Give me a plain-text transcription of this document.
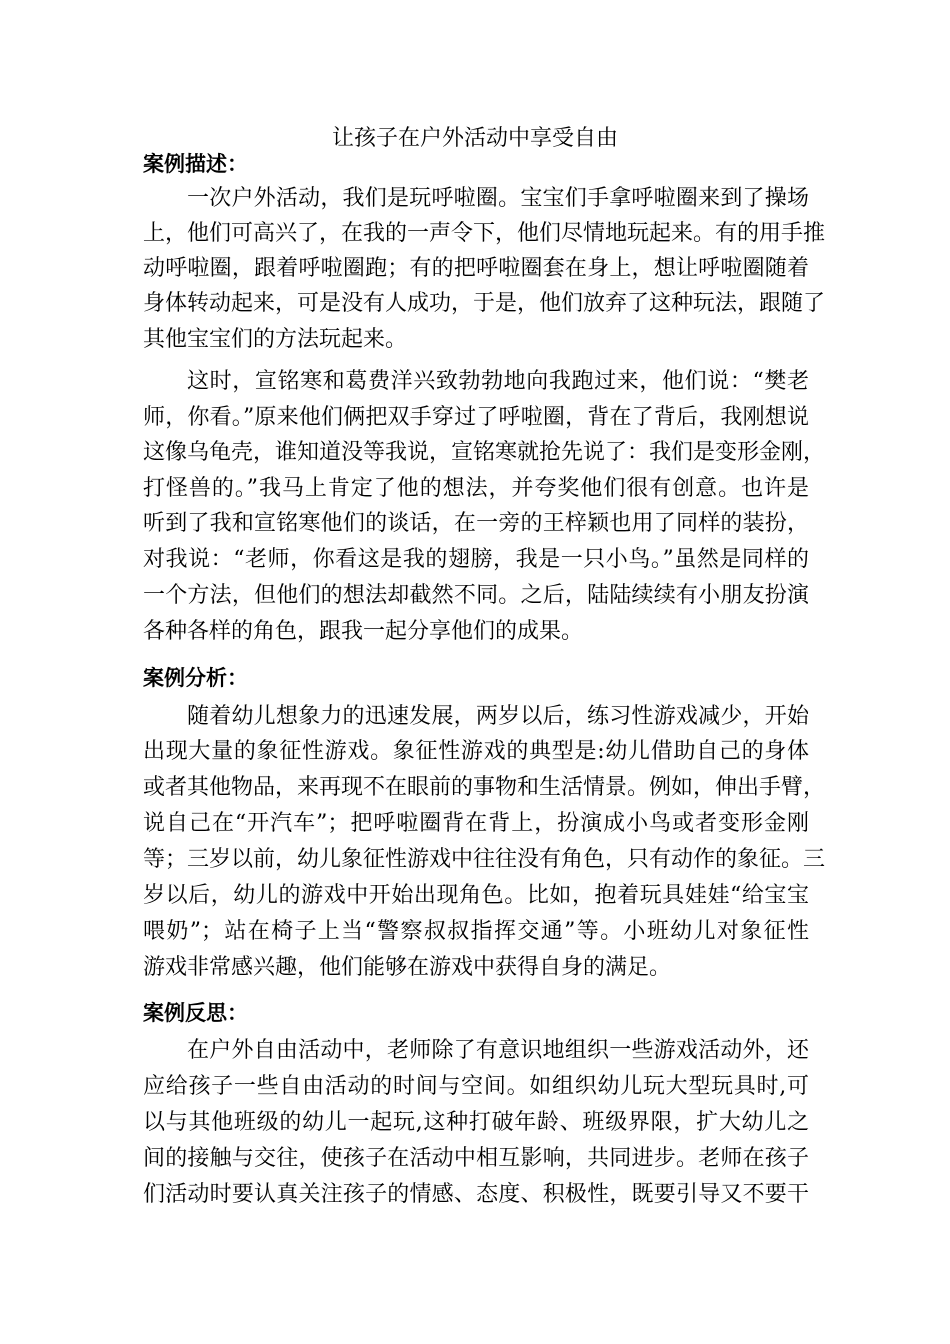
让孩子在户外活动中享受自由
案例描述：
一次户外活动，我们是玩呼啦圈。宝宝们手拿呼啦圈来到了操场
上，他们可高兴了，在我的一声令下，他们尽情地玩起来。有的用手推
动呼啦圈，跟着呼啦圈跑；有的把呼啦圈套在身上，想让呼啦圈随着
身体转动起来，可是没有人成功，于是，他们放弃了这种玩法，跟随了
其他宝宝们的方法玩起来。
这时，宣铭寒和葛费洋兴致勃勃地向我跑过来，他们说：“樊老
师，你看。”原来他们俩把双手穿过了呼啦圈，背在了背后，我刚想说
这像乌龟壳，谁知道没等我说，宣铭寒就抢先说了：我们是变形金刚，
打怪兽的。”我马上肯定了他的想法，并夸奖他们很有创意。也许是
听到了我和宣铭寒他们的谈话，在一旁的王梓颖也用了同样的装扮，
对我说：“老师，你看这是我的翅膀，我是一只小鸟。”虽然是同样的
一个方法，但他们的想法却截然不同。之后，陆陆续续有小朋友扮演
各种各样的角色，跟我一起分享他们的成果。
案例分析：
随着幼儿想象力的迅速发展，两岁以后，练习性游戏减少，开始
出现大量的象征性游戏。象征性游戏的典型是:幼儿借助自己的身体
或者其他物品，来再现不在眼前的事物和生活情景。例如，伸出手臂，
说自己在“开汽车”；把呼啦圈背在背上，扮演成小鸟或者变形金刚
等；三岁以前，幼儿象征性游戏中往往没有角色，只有动作的象征。三
岁以后，幼儿的游戏中开始出现角色。比如，抱着玩具娃娃“给宝宝
喂奶”；站在椅子上当“警察叔叔指挥交通”等。小班幼儿对象征性
游戏非常感兴趣，他们能够在游戏中获得自身的满足。
案例反思：
在户外自由活动中，老师除了有意识地组织一些游戏活动外，还
应给孩子一些自由活动的时间与空间。如组织幼儿玩大型玩具时,可
以与其他班级的幼儿一起玩,这种打破年龄、班级界限，扩大幼儿之
间的接触与交往，使孩子在活动中相互影响，共同进步。老师在孩子
们活动时要认真关注孩子的情感、态度、积极性，既要引导又不要干
